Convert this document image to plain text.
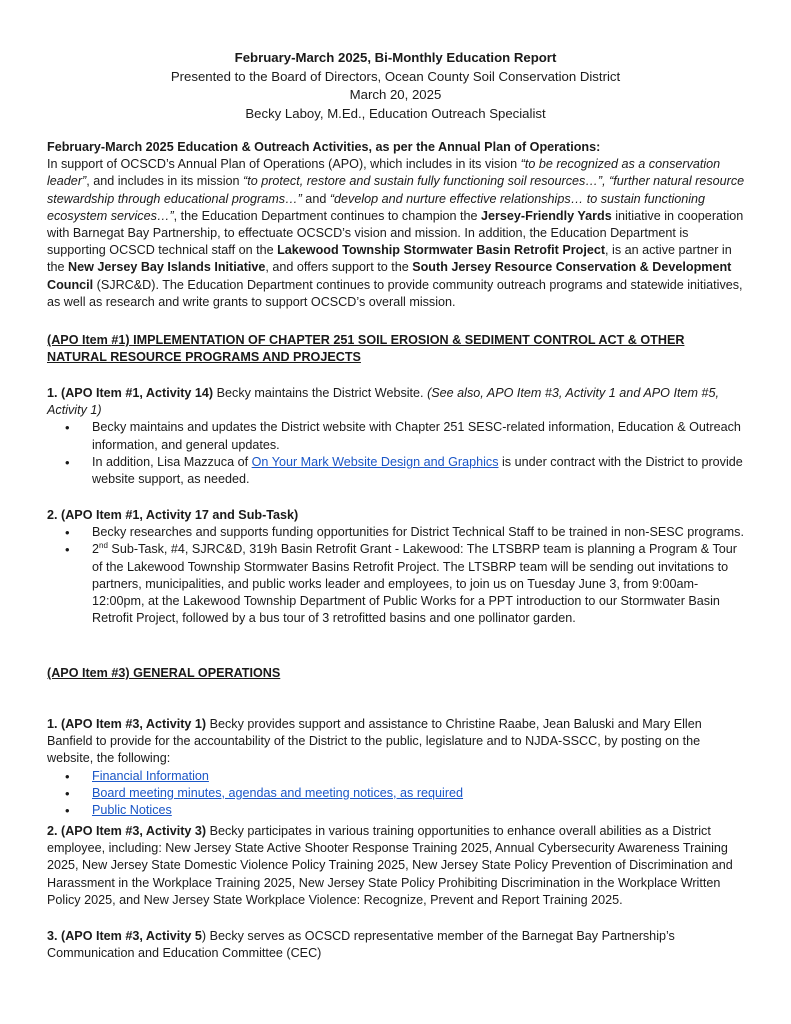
February-March 2025, Bi-Monthly Education Report
Presented to the Board of Directors, Ocean County Soil Conservation District
March 20, 2025
Becky Laboy, M.Ed., Education Outreach Specialist
February-March 2025 Education & Outreach Activities, as per the Annual Plan of Operations:
In support of OCSCD’s Annual Plan of Operations (APO), which includes in its vision “to be recognized as a conservation leader”, and includes in its mission “to protect, restore and sustain fully functioning soil resources…”, “further natural resource stewardship through educational programs…” and “develop and nurture effective relationships… to sustain functioning ecosystem services…”, the Education Department continues to champion the Jersey-Friendly Yards initiative in cooperation with Barnegat Bay Partnership, to effectuate OCSCD’s vision and mission. In addition, the Education Department is supporting OCSCD technical staff on the Lakewood Township Stormwater Basin Retrofit Project, is an active partner in the New Jersey Bay Islands Initiative, and offers support to the South Jersey Resource Conservation & Development Council (SJRC&D). The Education Department continues to provide community outreach programs and statewide initiatives, as well as research and write grants to support OCSCD’s overall mission.
(APO Item #1) IMPLEMENTATION OF CHAPTER 251 SOIL EROSION & SEDIMENT CONTROL ACT & OTHER NATURAL RESOURCE PROGRAMS AND PROJECTS
1. (APO Item #1, Activity 14) Becky maintains the District Website. (See also, APO Item #3, Activity 1 and APO Item #5, Activity 1)
• Becky maintains and updates the District website with Chapter 251 SESC-related information, Education & Outreach information, and general updates.
• In addition, Lisa Mazzuca of On Your Mark Website Design and Graphics is under contract with the District to provide website support, as needed.
2. (APO Item #1, Activity 17 and Sub-Task)
• Becky researches and supports funding opportunities for District Technical Staff to be trained in non-SESC programs.
• 2nd Sub-Task, #4, SJRC&D, 319h Basin Retrofit Grant - Lakewood: The LTSBRP team is planning a Program & Tour of the Lakewood Township Stormwater Basins Retrofit Project. The LTSBRP team will be sending out invitations to partners, municipalities, and public works leader and employees, to join us on Tuesday June 3, from 9:00am-12:00pm, at the Lakewood Township Department of Public Works for a PPT introduction to our Stormwater Basin Retrofit Project, followed by a bus tour of 3 retrofitted basins and one pollinator garden.
(APO Item #3) GENERAL OPERATIONS
1. (APO Item #3, Activity 1) Becky provides support and assistance to Christine Raabe, Jean Baluski and Mary Ellen Banfield to provide for the accountability of the District to the public, legislature and to NJDA-SSCC, by posting on the website, the following:
• Financial Information
• Board meeting minutes, agendas and meeting notices, as required
• Public Notices
2. (APO Item #3, Activity 3) Becky participates in various training opportunities to enhance overall abilities as a District employee, including: New Jersey State Active Shooter Response Training 2025, Annual Cybersecurity Awareness Training 2025, New Jersey State Domestic Violence Policy Training 2025, New Jersey State Policy Prevention of Discrimination and Harassment in the Workplace Training 2025, New Jersey State Policy Prohibiting Discrimination in the Workplace Written Policy 2025, and New Jersey State Workplace Violence: Recognize, Prevent and Report Training 2025.
3. (APO Item #3, Activity 5) Becky serves as OCSCD representative member of the Barnegat Bay Partnership’s Communication and Education Committee (CEC)
